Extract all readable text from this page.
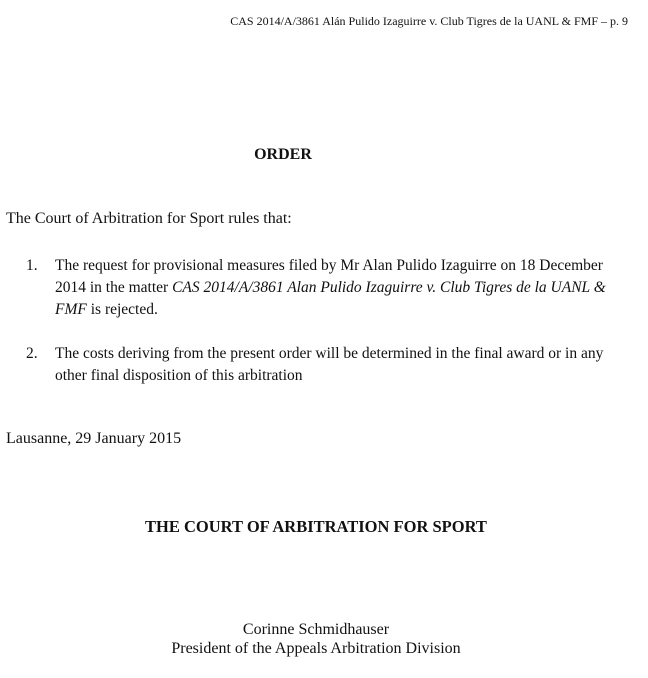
CAS 2014/A/3861 Alán Pulido Izaguirre v. Club Tigres de la UANL & FMF – p. 9
ORDER
The Court of Arbitration for Sport rules that:
1.	The request for provisional measures filed by Mr Alan Pulido Izaguirre on 18 December 2014 in the matter CAS 2014/A/3861 Alan Pulido Izaguirre v. Club Tigres de la UANL & FMF is rejected.
2.	The costs deriving from the present order will be determined in the final award or in any other final disposition of this arbitration
Lausanne, 29 January 2015
THE COURT OF ARBITRATION FOR SPORT
Corinne Schmidhauser
President of the Appeals Arbitration Division
